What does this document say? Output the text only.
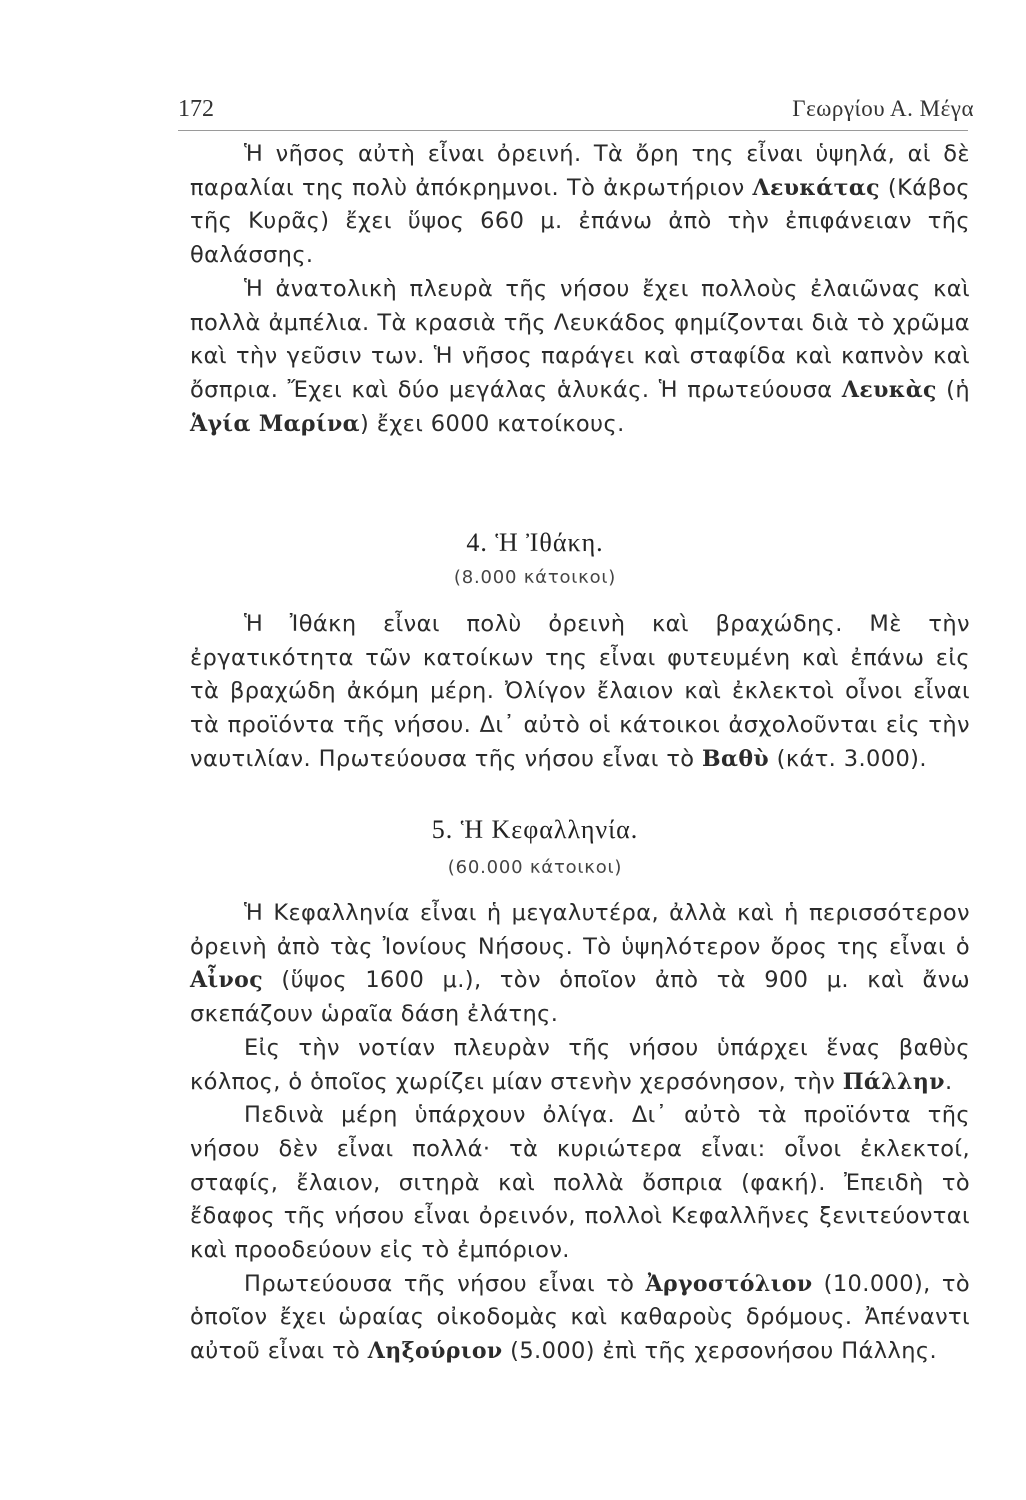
172	Γεωργίου Α. Μέγα

Ἡ νῆσος αὐτὴ εἶναι ὀρεινή. Τὰ ὄρη της εἶναι ὑψηλά, αἱ δὲ παραλίαι της πολὺ ἀπόκρημνοι. Τὸ ἀκρωτήριον Λευκάτας (Κάβος τῆς Κυρᾶς) ἔχει ὕψος 660 μ. ἐπάνω ἀπὸ τὴν ἐπιφάνειαν τῆς θαλάσσης.

Ἡ ἀνατολικὴ πλευρὰ τῆς νήσου ἔχει πολλοὺς ἐλαιῶνας καὶ πολλὰ ἀμπέλια. Τὰ κρασιὰ τῆς Λευκάδος φημίζονται διὰ τὸ χρῶμα καὶ τὴν γεῦσιν των. Ἡ νῆσος παράγει καὶ σταφίδα καὶ καπνὸν καὶ ὄσπρια. Ἔχει καὶ δύο μεγάλας ἁλυκάς. Ἡ πρωτεύουσα Λευκὰς (ἡ Ἁγία Μαρίνα) ἔχει 6000 κατοίκους.

4. Ἡ Ἰθάκη.
(8.000 κάτοικοι)

Ἡ Ἰθάκη εἶναι πολὺ ὀρεινὴ καὶ βραχώδης. Μὲ τὴν ἐργατικότητα τῶν κατοίκων της εἶναι φυτευμένη καὶ ἐπάνω εἰς τὰ βραχώδη ἀκόμη μέρη. Ὀλίγον ἔλαιον καὶ ἐκλεκτοὶ οἶνοι εἶναι τὰ προϊόντα τῆς νήσου. Δι᾿ αὐτὸ οἱ κάτοικοι ἀσχολοῦνται εἰς τὴν ναυτιλίαν. Πρωτεύουσα τῆς νήσου εἶναι τὸ Βαθὺ (κάτ. 3.000).

5. Ἡ Κεφαλληνία.
(60.000 κάτοικοι)

Ἡ Κεφαλληνία εἶναι ἡ μεγαλυτέρα, ἀλλὰ καὶ ἡ περισσότερον ὀρεινὴ ἀπὸ τὰς Ἰονίους Νήσους. Τὸ ὑψηλότερον ὄρος της εἶναι ὁ Αἶνος (ὕψος 1600 μ.), τὸν ὁποῖον ἀπὸ τὰ 900 μ. καὶ ἄνω σκεπάζουν ὡραῖα δάση ἐλάτης.

Εἰς τὴν νοτίαν πλευρὰν τῆς νήσου ὑπάρχει ἕνας βαθὺς κόλπος, ὁ ὁποῖος χωρίζει μίαν στενὴν χερσόνησον, τὴν Πάλλην.

Πεδινὰ μέρη ὑπάρχουν ὀλίγα. Δι᾿ αὐτὸ τὰ προϊόντα τῆς νήσου δὲν εἶναι πολλά· τὰ κυριώτερα εἶναι: οἶνοι ἐκλεκτοί, σταφίς, ἔλαιον, σιτηρὰ καὶ πολλὰ ὄσπρια (φακή). Ἐπειδὴ τὸ ἔδαφος τῆς νήσου εἶναι ὀρεινόν, πολλοὶ Κεφαλλῆνες ξενιτεύονται καὶ προοδεύουν εἰς τὸ ἐμπόριον.

Πρωτεύουσα τῆς νήσου εἶναι τὸ Ἀργοστόλιον (10.000), τὸ ὁποῖον ἔχει ὡραίας οἰκοδομὰς καὶ καθαροὺς δρόμους. Ἀπέναντι αὐτοῦ εἶναι τὸ Ληξούριον (5.000) ἐπὶ τῆς χερσονήσου Πάλλης.
